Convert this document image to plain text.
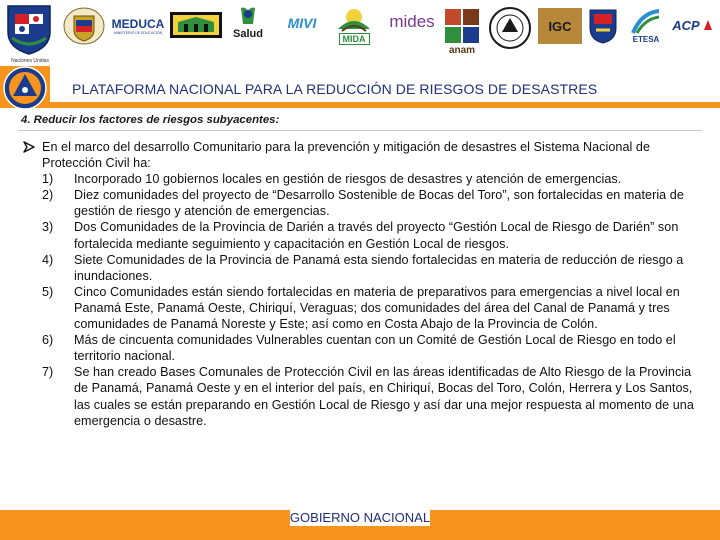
Naciones Unidas
MEDUCA
MINISTERIO DE EDUCACIÓN	Salud
MIVI
MIDA
mides
anam
IGC
ETESA
ACP
PLATAFORMA NACIONAL PARA LA REDUCCIÓN DE RIESGOS DE DESASTRES
4. Reducir los factores de riesgos subyacentes:
En el marco del desarrollo Comunitario para la prevención y mitigación de desastres el Sistema Nacional de Protección Civil ha:
1)	Incorporado 10 gobiernos locales en gestión de riesgos de desastres y atención de emergencias.
2)	Diez comunidades del proyecto de “Desarrollo Sostenible de Bocas del Toro”, son fortalecidas en materia de gestión de riesgo y atención de emergencias.
3)	Dos Comunidades de la Provincia de Darién a través del proyecto “Gestión Local de Riesgo de Darién” son fortalecida mediante seguimiento y capacitación en Gestión Local de riesgos.
4)	Siete Comunidades de la Provincia de Panamá esta siendo fortalecidas en materia de reducción de riesgo a inundaciones.
5)	Cinco Comunidades están siendo fortalecidas en materia de preparativos para emergencias a nivel local en Panamá Este, Panamá Oeste, Chiriquí, Veraguas; dos comunidades del área del Canal de Panamá y tres comunidades de Panamá Noreste y Este; así como en Costa Abajo de la Provincia de Colón.
6)	Más de cincuenta comunidades Vulnerables cuentan con un Comité de Gestión Local de Riesgo en todo el territorio nacional.
7)	Se han creado Bases Comunales de Protección Civil en las áreas identificadas de Alto Riesgo de la Provincia de Panamá, Panamá Oeste y en el interior del país, en Chiriquí, Bocas del Toro, Colón, Herrera y Los Santos, las cuales se están preparando en Gestión Local de Riesgo y así dar una mejor respuesta al momento de una emergencia o desastre.
GOBIERNO NACIONAL
